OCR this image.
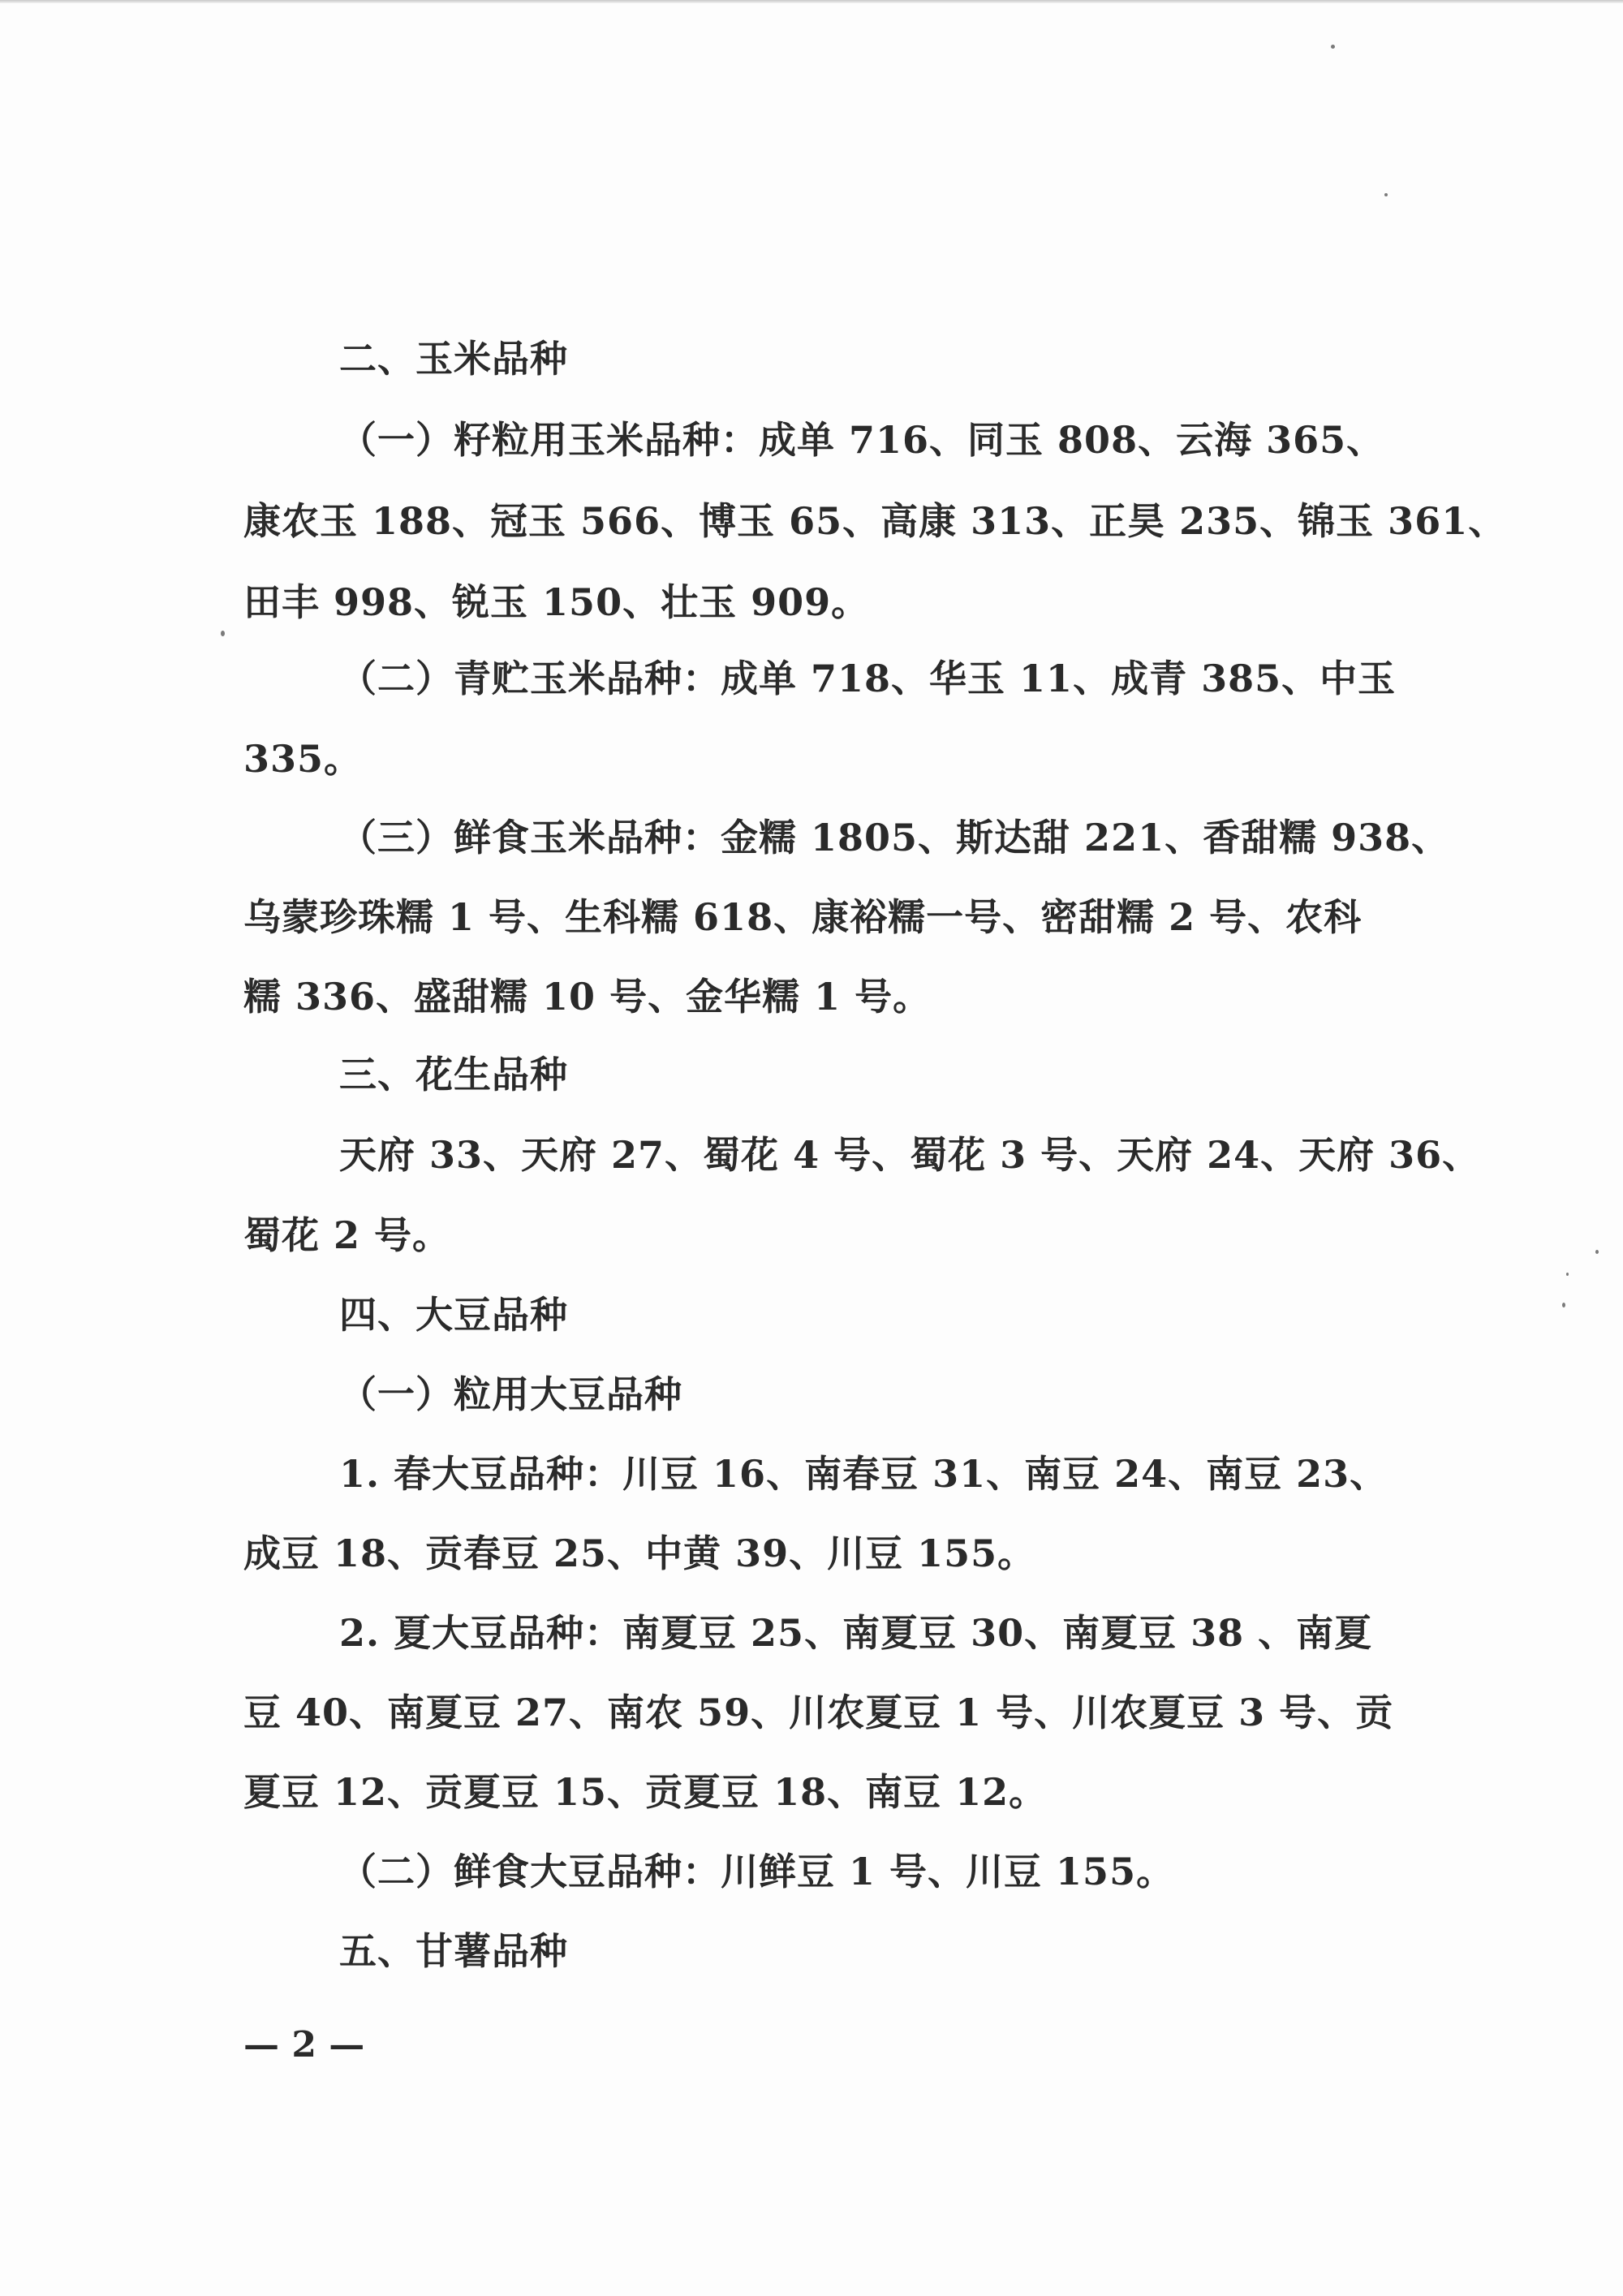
二、玉米品种
（一）籽粒用玉米品种：成单 716、同玉 808、云海 365、
康农玉 188、冠玉 566、博玉 65、高康 313、正昊 235、锦玉 361、
田丰 998、锐玉 150、壮玉 909。
（二）青贮玉米品种：成单 718、华玉 11、成青 385、中玉
335。
（三）鲜食玉米品种：金糯 1805、斯达甜 221、香甜糯 938、
乌蒙珍珠糯 1 号、生科糯 618、康裕糯一号、密甜糯 2 号、农科
糯 336、盛甜糯 10 号、金华糯 1 号。
三、花生品种
天府 33、天府 27、蜀花 4 号、蜀花 3 号、天府 24、天府 36、
蜀花 2 号。
四、大豆品种
（一）粒用大豆品种
1. 春大豆品种：川豆 16、南春豆 31、南豆 24、南豆 23、
成豆 18、贡春豆 25、中黄 39、川豆 155。
2. 夏大豆品种：南夏豆 25、南夏豆 30、南夏豆 38 、南夏
豆 40、南夏豆 27、南农 59、川农夏豆 1 号、川农夏豆 3 号、贡
夏豆 12、贡夏豆 15、贡夏豆 18、南豆 12。
（二）鲜食大豆品种：川鲜豆 1 号、川豆 155。
五、甘薯品种
— 2 —
